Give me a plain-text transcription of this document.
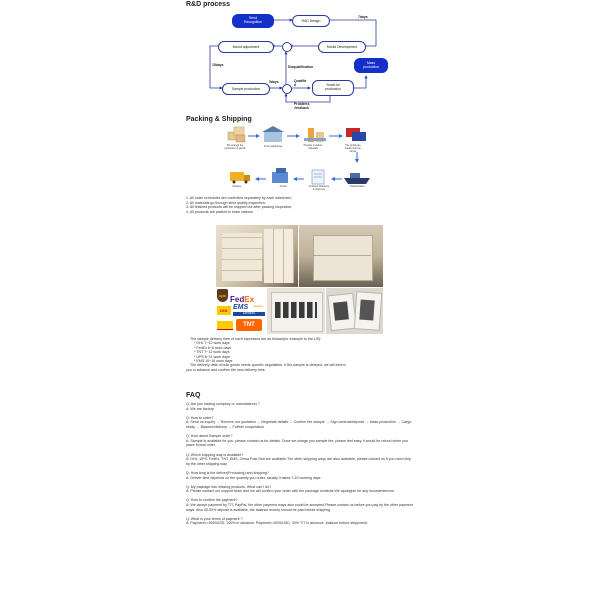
R&D process
Send
Recognition	R&D Design
7days
Mould adjustment	Mould Development
15days	Disqualification
Mass
production
Sample production
5days	Qualifie
d	Small-lot
production
Problems
feedback
Packing & Shipping
We arrange the production of goods
In the warehouse	Prepare to deliver materials
The goods are loaded into the carrier
Delivery	Arrival	Customs clearance & shipment
Transportation
1. All order schedules are controlled separately by each salesman;
2. All materials go through strict quality inspection;
3. All finished products will be shipped out after passing inspection;
4. All products are packed in foam cartons
ups FedEx
Express
DHL EMS
EXPRESS
TNT
The sample delivery time of each expresses are as follows(for example to the US):
* DHL 7~12 work days
* FedEx 6~8 work days
* TNT 7~12 work days
* UPS 8~11 work days
* EMS 10~16 work days
The delivery date of bulk goods needs specific negotiation. If the sample is delayed, we will inform
you in advance and confirm the new delivery time.
FAQ

Q: Are you trading company or manufacturer ?

A: We are factory.

Q: How to order?

A: Send us inquiry → Receive our quotation → Negotiate details → Confirm the sample → Sign contract/deposit → Mass production → Cargo ready → Balance/delivery → Further cooperation

Q: How about Sample order?

A: Sample is available for you. please contact us for details. Once we charge you sample fee, please feel easy, it would be refund when you place formal order.

Q: Which shipping way is available?

A: DHL, UPS, FedEx, TNT, EMS, China Post,Sea are available.The other shipping ways are also available, please contact us if you need ship by the other shipping way.

Q: How long is the deliver(Producing) and shipping?

A: Deliver time depends on the quantity you order. usually it takes 7-15 working days.

Q: My package has missing products. What can I do?

A: Please contact our support team and we will confirm your order with the package contents.We apologize for any inconveniences.

Q: How to confirm the payment?

A: We accept payment by T/T, PayPal, the other payment ways also could be accepted.Please contact us before you pay by the other payment ways. Also 30-50% deposit is available, the balance money should be paid before shipping.

Q: What is your terms of payment ?

A: Payment<=5000USD, 100% in advance. Payment>=5000USD, 30% T/T in advance ,balance before shippment.
